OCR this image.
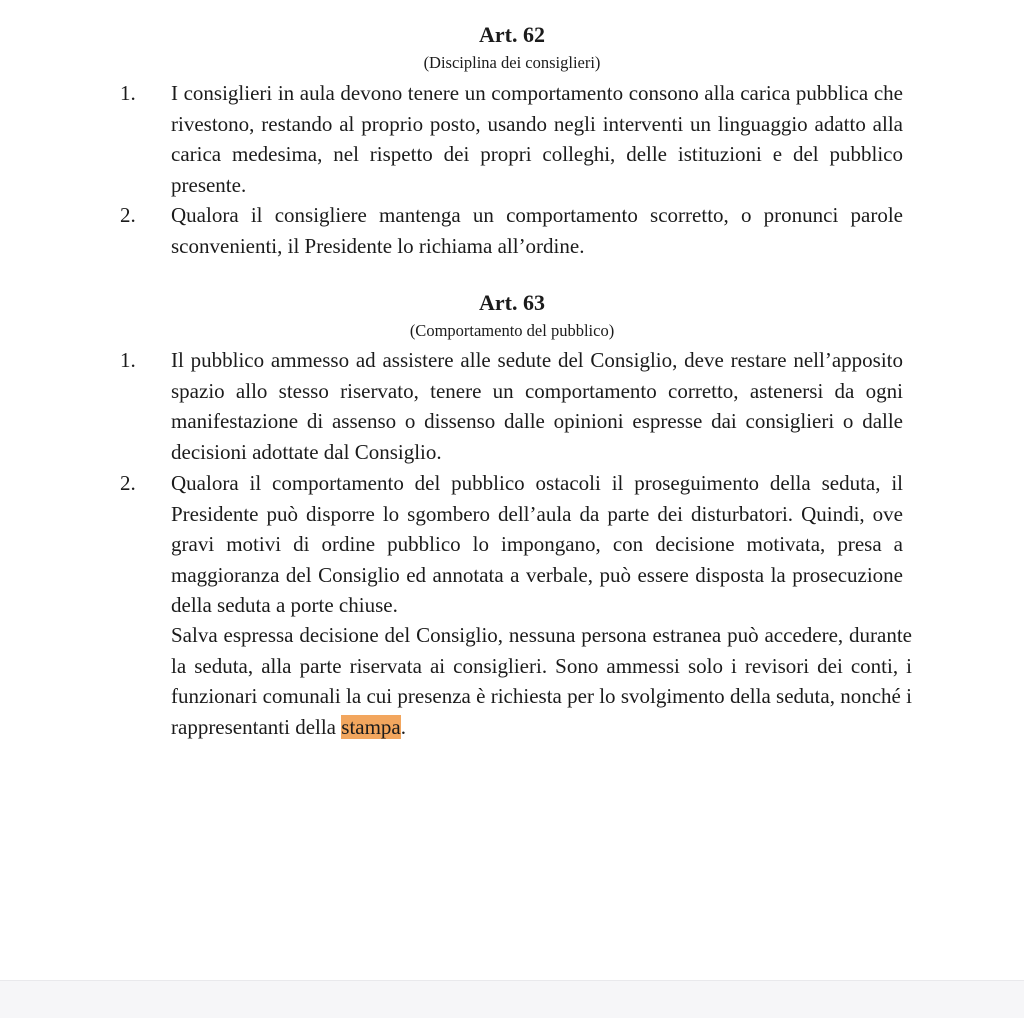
Art. 62
(Disciplina dei consiglieri)
1.	I consiglieri in aula devono tenere un comportamento consono alla carica pubblica che rivestono, restando al proprio posto, usando negli interventi un linguaggio adatto alla carica medesima, nel rispetto dei propri colleghi, delle istituzioni e del pubblico presente.

2.	Qualora il consigliere mantenga un comportamento scorretto, o pronunci parole sconvenienti, il Presidente lo richiama all’ordine.

Art. 63
(Comportamento del pubblico)
1.	Il pubblico ammesso ad assistere alle sedute del Consiglio, deve restare nell’apposito spazio allo stesso riservato, tenere un comportamento corretto, astenersi da ogni manifestazione di assenso o dissenso dalle opinioni espresse dai consiglieri o dalle decisioni adottate dal Consiglio.

2.	Qualora il comportamento del pubblico ostacoli il proseguimento della seduta, il Presidente può disporre lo sgombero dell’aula da parte dei disturbatori. Quindi, ove gravi motivi di ordine pubblico lo impongano, con decisione motivata, presa a maggioranza del Consiglio ed annotata a verbale, può essere disposta la prosecuzione della seduta a porte chiuse.

Salva espressa decisione del Consiglio, nessuna persona estranea può accedere, durante la seduta, alla parte riservata ai consiglieri. Sono ammessi solo i revisori dei conti, i funzionari comunali la cui presenza è richiesta per lo svolgimento della seduta, nonché i rappresentanti della stampa.
